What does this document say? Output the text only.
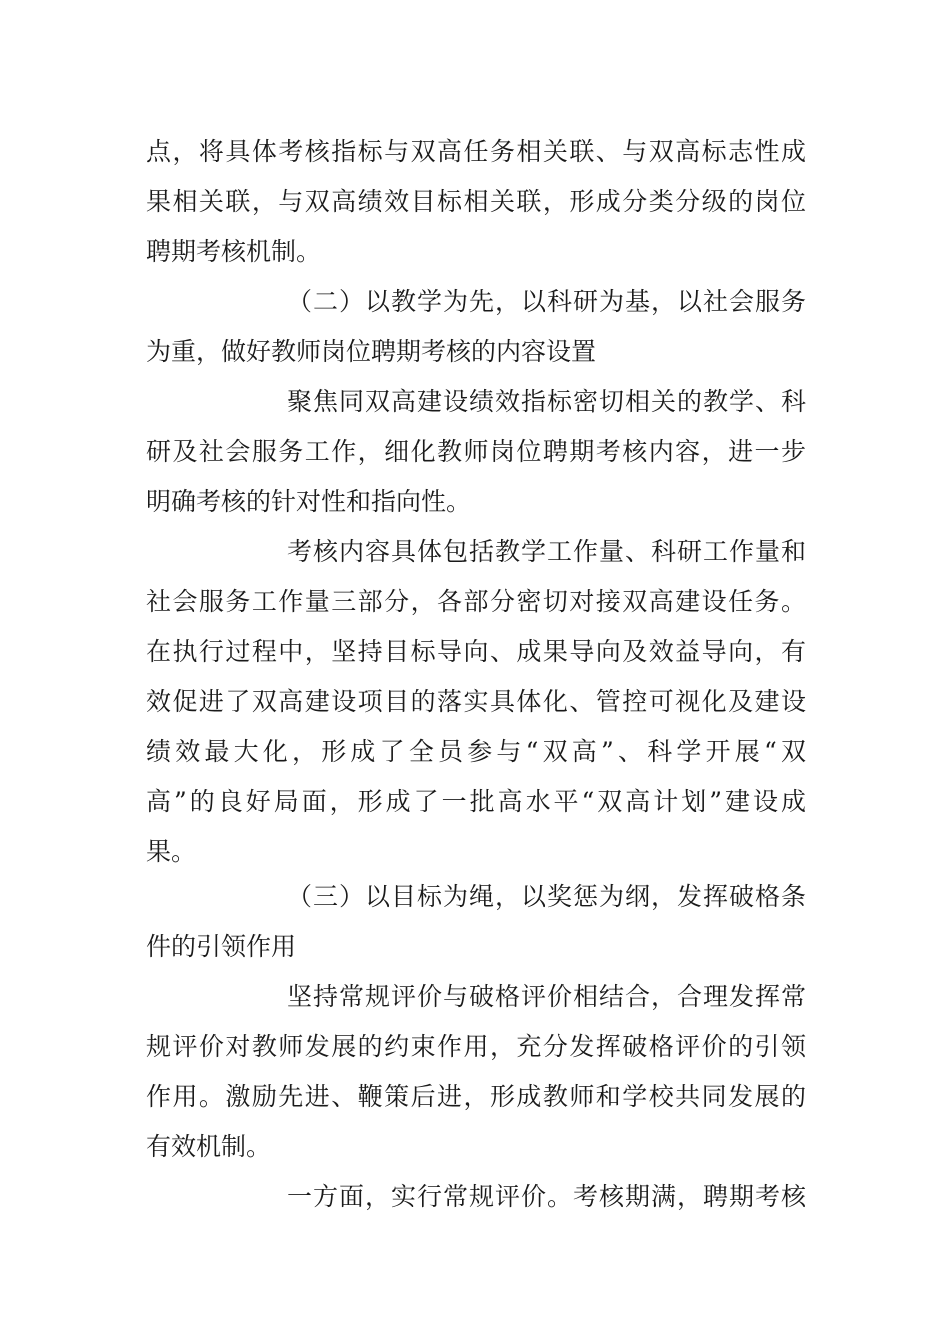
点，将具体考核指标与双高任务相关联、与双高标志性成
果相关联，与双高绩效目标相关联，形成分类分级的岗位
聘期考核机制。
（二）以教学为先，以科研为基，以社会服务
为重，做好教师岗位聘期考核的内容设置
聚焦同双高建设绩效指标密切相关的教学、科
研及社会服务工作，细化教师岗位聘期考核内容，进一步
明确考核的针对性和指向性。
考核内容具体包括教学工作量、科研工作量和
社会服务工作量三部分，各部分密切对接双高建设任务。
在执行过程中，坚持目标导向、成果导向及效益导向，有
效促进了双高建设项目的落实具体化、管控可视化及建设
绩效最大化，形成了全员参与“双高”、科学开展“双
高”的良好局面，形成了一批高水平“双高计划”建设成
果。
（三）以目标为绳，以奖惩为纲，发挥破格条
件的引领作用
坚持常规评价与破格评价相结合，合理发挥常
规评价对教师发展的约束作用，充分发挥破格评价的引领
作用。激励先进、鞭策后进，形成教师和学校共同发展的
有效机制。
一方面，实行常规评价。考核期满，聘期考核
